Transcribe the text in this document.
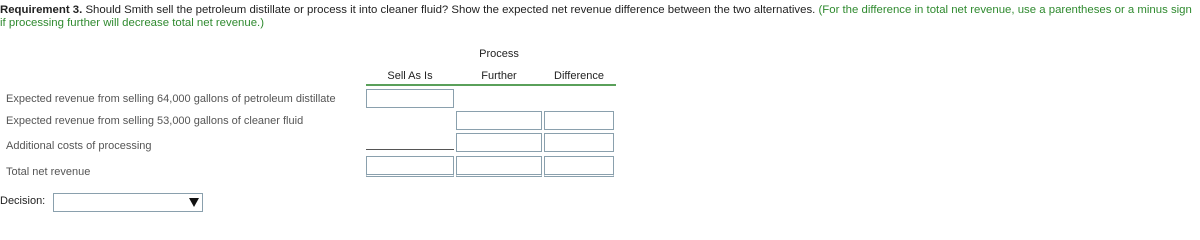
Requirement 3. Should Smith sell the petroleum distillate or process it into cleaner fluid? Show the expected net revenue difference between the two alternatives. (For the difference in total net revenue, use a parentheses or a minus sign if processing further will decrease total net revenue.)
Sell As Is
Process
Further	Difference
Expected revenue from selling 64,000 gallons of petroleum distillate
Expected revenue from selling 53,000 gallons of cleaner fluid
Additional costs of processing
Total net revenue
Decision:
